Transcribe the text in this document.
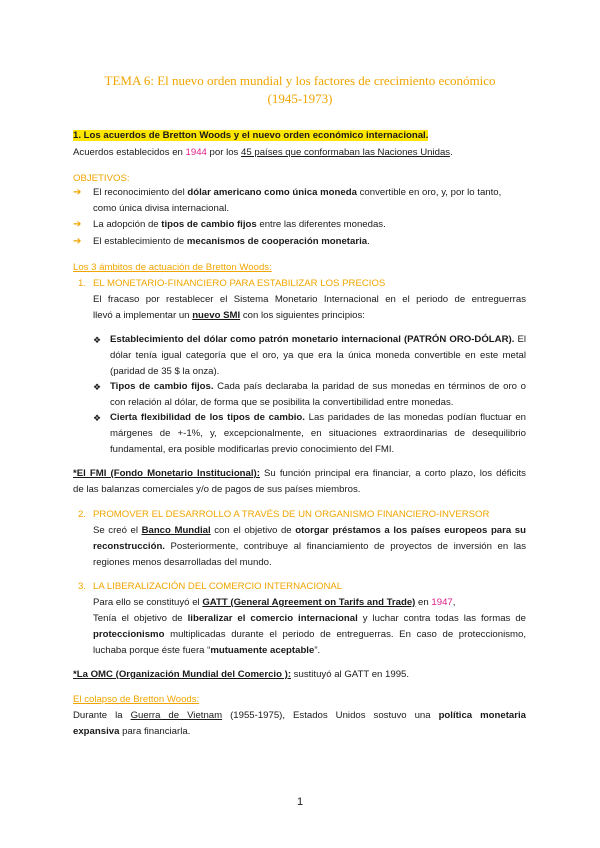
TEMA 6: El nuevo orden mundial y los factores de crecimiento económico
(1945-1973)
1. Los acuerdos de Bretton Woods y el nuevo orden económico internacional.
Acuerdos establecidos en 1944 por los 45 países que conformaban las Naciones Unidas.
OBJETIVOS:
➔ El reconocimiento del dólar americano como única moneda convertible en oro, y, por lo tanto,
como única divisa internacional.
➔ La adopción de tipos de cambio fijos entre las diferentes monedas.
➔ El establecimiento de mecanismos de cooperación monetaria.
Los 3 ámbitos de actuación de Bretton Woods:
1. EL MONETARIO-FINANCIERO PARA ESTABILIZAR LOS PRECIOS
El fracaso por restablecer el Sistema Monetario Internacional en el periodo de entreguerras
llevó a implementar un nuevo SMI con los siguientes principios:
❖ Establecimiento del dólar como patrón monetario internacional (PATRÓN ORO-DÓLAR). El
dólar tenía igual categoría que el oro, ya que era la única moneda convertible en este metal
(paridad de 35 $ la onza).
❖ Tipos de cambio fijos. Cada país declaraba la paridad de sus monedas en términos de oro o
con relación al dólar, de forma que se posibilita la convertibilidad entre monedas.
❖ Cierta flexibilidad de los tipos de cambio. Las paridades de las monedas podían fluctuar en
márgenes de +-1%, y, excepcionalmente, en situaciones extraordinarias de desequilibrio
fundamental, era posible modificarlas previo conocimiento del FMI.
*El FMI (Fondo Monetario Institucional): Su función principal era financiar, a corto plazo, los déficits
de las balanzas comerciales y/o de pagos de sus países miembros.
2. PROMOVER EL DESARROLLO A TRAVÉS DE UN ORGANISMO FINANCIERO-INVERSOR
Se creó el Banco Mundial con el objetivo de otorgar préstamos a los países europeos para su
reconstrucción. Posteriormente, contribuye al financiamiento de proyectos de inversión en las
regiones menos desarrolladas del mundo.
3. LA LIBERALIZACIÓN DEL COMERCIO INTERNACIONAL
Para ello se constituyó el GATT (General Agreement on Tarifs and Trade) en 1947,
Tenía el objetivo de liberalizar el comercio internacional y luchar contra todas las formas de
proteccionismo multiplicadas durante el periodo de entreguerras. En caso de proteccionismo,
luchaba porque éste fuera “mutuamente aceptable”.
*La OMC (Organización Mundial del Comercio ): sustituyó al GATT en 1995.
El colapso de Bretton Woods:
Durante la Guerra de Vietnam (1955-1975), Estados Unidos sostuvo una política monetaria
expansiva para financiarla.
1
